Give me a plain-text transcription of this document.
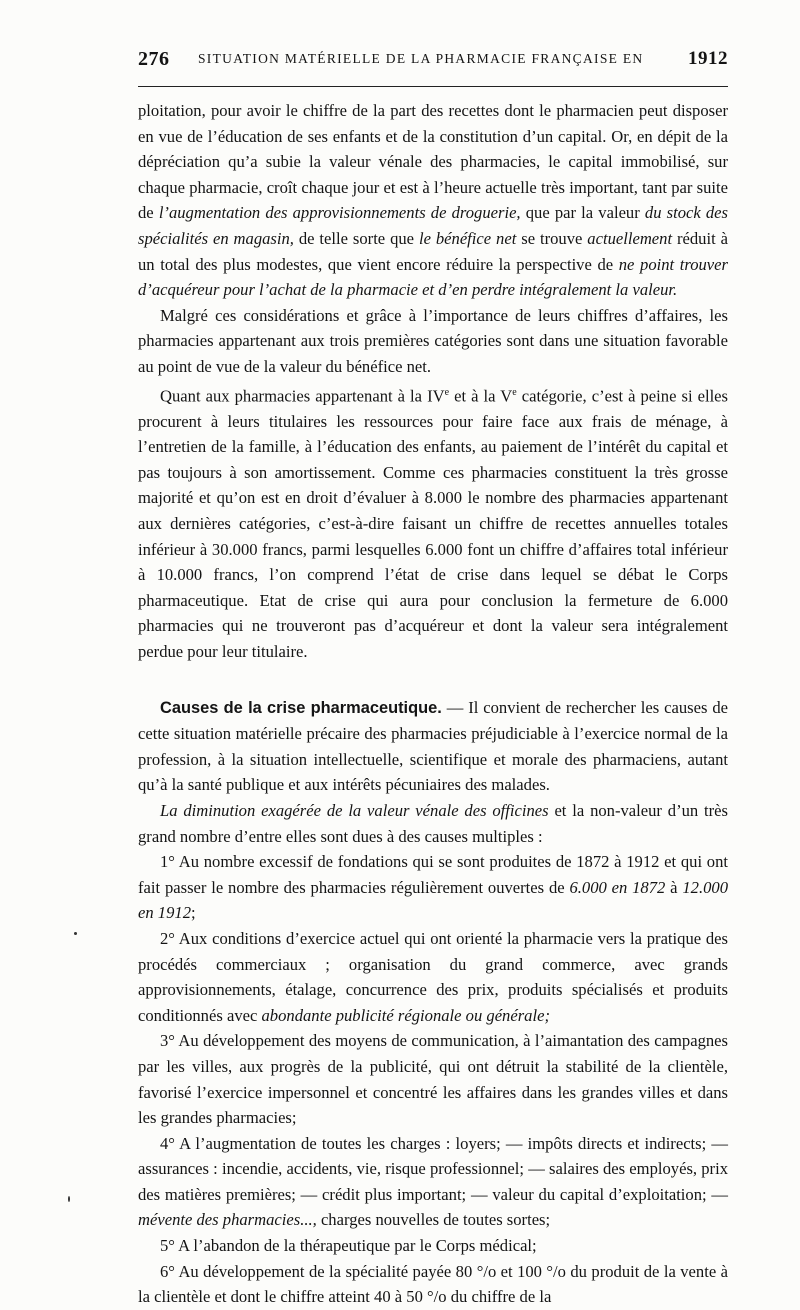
276 SITUATION MATÉRIELLE DE LA PHARMACIE FRANÇAISE EN 1912

ploitation, pour avoir le chiffre de la part des recettes dont le pharmacien peut disposer en vue de l’éducation de ses enfants et de la constitution d’un capital. Or, en dépit de la dépréciation qu’a subie la valeur vénale des pharmacies, le capital immobilisé, sur chaque pharmacie, croît chaque jour et est à l’heure actuelle très important, tant par suite de l’augmentation des approvisionnements de droguerie, que par la valeur du stock des spécialités en magasin, de telle sorte que le bénéfice net se trouve actuellement réduit à un total des plus modestes, que vient encore réduire la perspective de ne point trouver d’acquéreur pour l’achat de la pharmacie et d’en perdre intégralement la valeur.

Malgré ces considérations et grâce à l’importance de leurs chiffres d’affaires, les pharmacies appartenant aux trois premières catégories sont dans une situation favorable au point de vue de la valeur du bénéfice net.

Quant aux pharmacies appartenant à la IVe et à la Ve catégorie, c’est à peine si elles procurent à leurs titulaires les ressources pour faire face aux frais de ménage, à l’entretien de la famille, à l’éducation des enfants, au paiement de l’intérêt du capital et pas toujours à son amortissement. Comme ces pharmacies constituent la très grosse majorité et qu’on est en droit d’évaluer à 8.000 le nombre des pharmacies appartenant aux dernières catégories, c’est-à-dire faisant un chiffre de recettes annuelles totales inférieur à 30.000 francs, parmi lesquelles 6.000 font un chiffre d’affaires total inférieur à 10.000 francs, l’on comprend l’état de crise dans lequel se débat le Corps pharmaceutique. Etat de crise qui aura pour conclusion la fermeture de 6.000 pharmacies qui ne trouveront pas d’acquéreur et dont la valeur sera intégralement perdue pour leur titulaire.

Causes de la crise pharmaceutique. — Il convient de rechercher les causes de cette situation matérielle précaire des pharmacies préjudiciable à l’exercice normal de la profession, à la situation intellectuelle, scientifique et morale des pharmaciens, autant qu’à la santé publique et aux intérêts pécuniaires des malades.

La diminution exagérée de la valeur vénale des officines et la non-valeur d’un très grand nombre d’entre elles sont dues à des causes multiples :

1° Au nombre excessif de fondations qui se sont produites de 1872 à 1912 et qui ont fait passer le nombre des pharmacies régulièrement ouvertes de 6.000 en 1872 à 12.000 en 1912;

2° Aux conditions d’exercice actuel qui ont orienté la pharmacie vers la pratique des procédés commerciaux ; organisation du grand commerce, avec grands approvisionnements, étalage, concurrence des prix, produits spécialisés et produits conditionnés avec abondante publicité régionale ou générale;

3° Au développement des moyens de communication, à l’aimantation des campagnes par les villes, aux progrès de la publicité, qui ont détruit la stabilité de la clientèle, favorisé l’exercice impersonnel et concentré les affaires dans les grandes villes et dans les grandes pharmacies;

4° A l’augmentation de toutes les charges : loyers; — impôts directs et indirects; — assurances : incendie, accidents, vie, risque professionnel; — salaires des employés, prix des matières premières; — crédit plus important; — valeur du capital d’exploitation; — mévente des pharmacies..., charges nouvelles de toutes sortes;

5° A l’abandon de la thérapeutique par le Corps médical;

6° Au développement de la spécialité payée 80 °/o et 100 °/o du produit de la vente à la clientèle et dont le chiffre atteint 40 à 50 °/o du chiffre de la
